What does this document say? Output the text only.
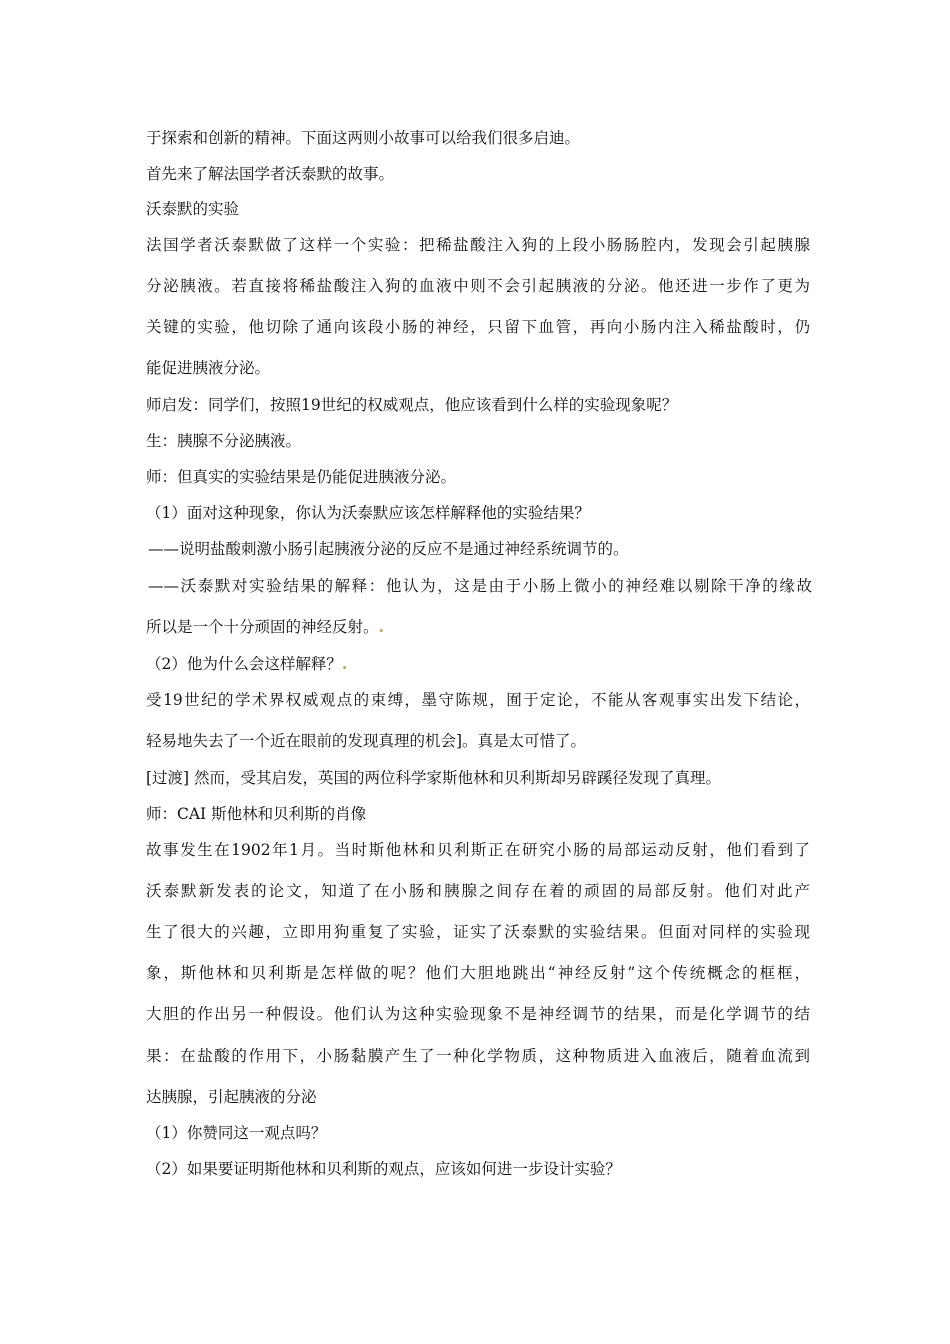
于探索和创新的精神。下面这两则小故事可以给我们很多启迪。
首先来了解法国学者沃泰默的故事。
沃泰默的实验
法国学者沃泰默做了这样一个实验：把稀盐酸注入狗的上段小肠肠腔内，发现会引起胰腺
分泌胰液。若直接将稀盐酸注入狗的血液中则不会引起胰液的分泌。他还进一步作了更为
关键的实验，他切除了通向该段小肠的神经，只留下血管，再向小肠内注入稀盐酸时，仍
能促进胰液分泌。
师启发：同学们，按照19世纪的权威观点，他应该看到什么样的实验现象呢？
生：胰腺不分泌胰液。
师：但真实的实验结果是仍能促进胰液分泌。
（1）面对这种现象，你认为沃泰默应该怎样解释他的实验结果？
——说明盐酸刺激小肠引起胰液分泌的反应不是通过神经系统调节的。
——沃泰默对实验结果的解释：他认为，这是由于小肠上微小的神经难以剔除干净的缘故
所以是一个十分顽固的神经反射。.
（2）他为什么会这样解释？.
受19世纪的学术界权威观点的束缚，墨守陈规，囿于定论，不能从客观事实出发下结论，
轻易地失去了一个近在眼前的发现真理的机会]。真是太可惜了。
[过渡] 然而，受其启发，英国的两位科学家斯他林和贝利斯却另辟蹊径发现了真理。
师：CAI 斯他林和贝利斯的肖像
故事发生在1902年1月。当时斯他林和贝利斯正在研究小肠的局部运动反射，他们看到了
沃泰默新发表的论文，知道了在小肠和胰腺之间存在着的顽固的局部反射。他们对此产
生了很大的兴趣，立即用狗重复了实验，证实了沃泰默的实验结果。但面对同样的实验现
象，斯他林和贝利斯是怎样做的呢？他们大胆地跳出“神经反射”这个传统概念的框框，
大胆的作出另一种假设。他们认为这种实验现象不是神经调节的结果，而是化学调节的结
果：在盐酸的作用下，小肠黏膜产生了一种化学物质，这种物质进入血液后，随着血流到
达胰腺，引起胰液的分泌
（1）你赞同这一观点吗？
（2）如果要证明斯他林和贝利斯的观点，应该如何进一步设计实验？
